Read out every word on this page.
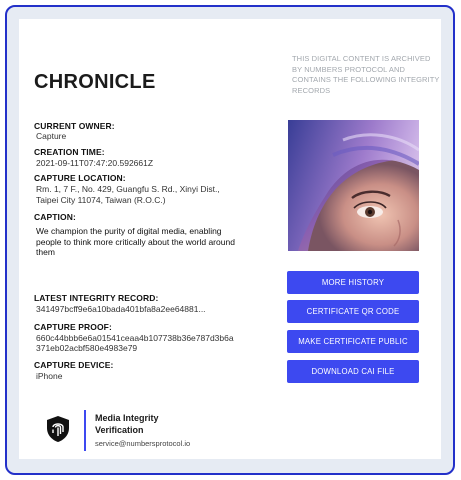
THIS DIGITAL CONTENT IS ARCHIVED BY NUMBERS PROTOCOL AND CONTAINS THE FOLLOWING INTEGRITY RECORDS
CHRONICLE
CURRENT OWNER:
Capture
CREATION TIME:
2021-09-11T07:47:20.592661Z
CAPTURE LOCATION:
Rm. 1, 7 F., No. 429, Guangfu S. Rd., Xinyi Dist.,
Taipei City 11074, Taiwan (R.O.C.)
CAPTION:
We champion the purity of digital media, enabling people to think more critically about the world around them
LATEST INTEGRITY RECORD:
341497bcff9e6a10bada401bfa8a2ee64881...
CAPTURE PROOF:
660c44bbb6e6a01541ceaa4b107738b36e787d3b6a
371eb02acbf580e4983e79
CAPTURE DEVICE:
iPhone
MORE HISTORY
CERTIFICATE QR CODE
MAKE CERTIFICATE PUBLIC
DOWNLOAD CAI FILE
Media Integrity Verification
service@numbersprotocol.io
